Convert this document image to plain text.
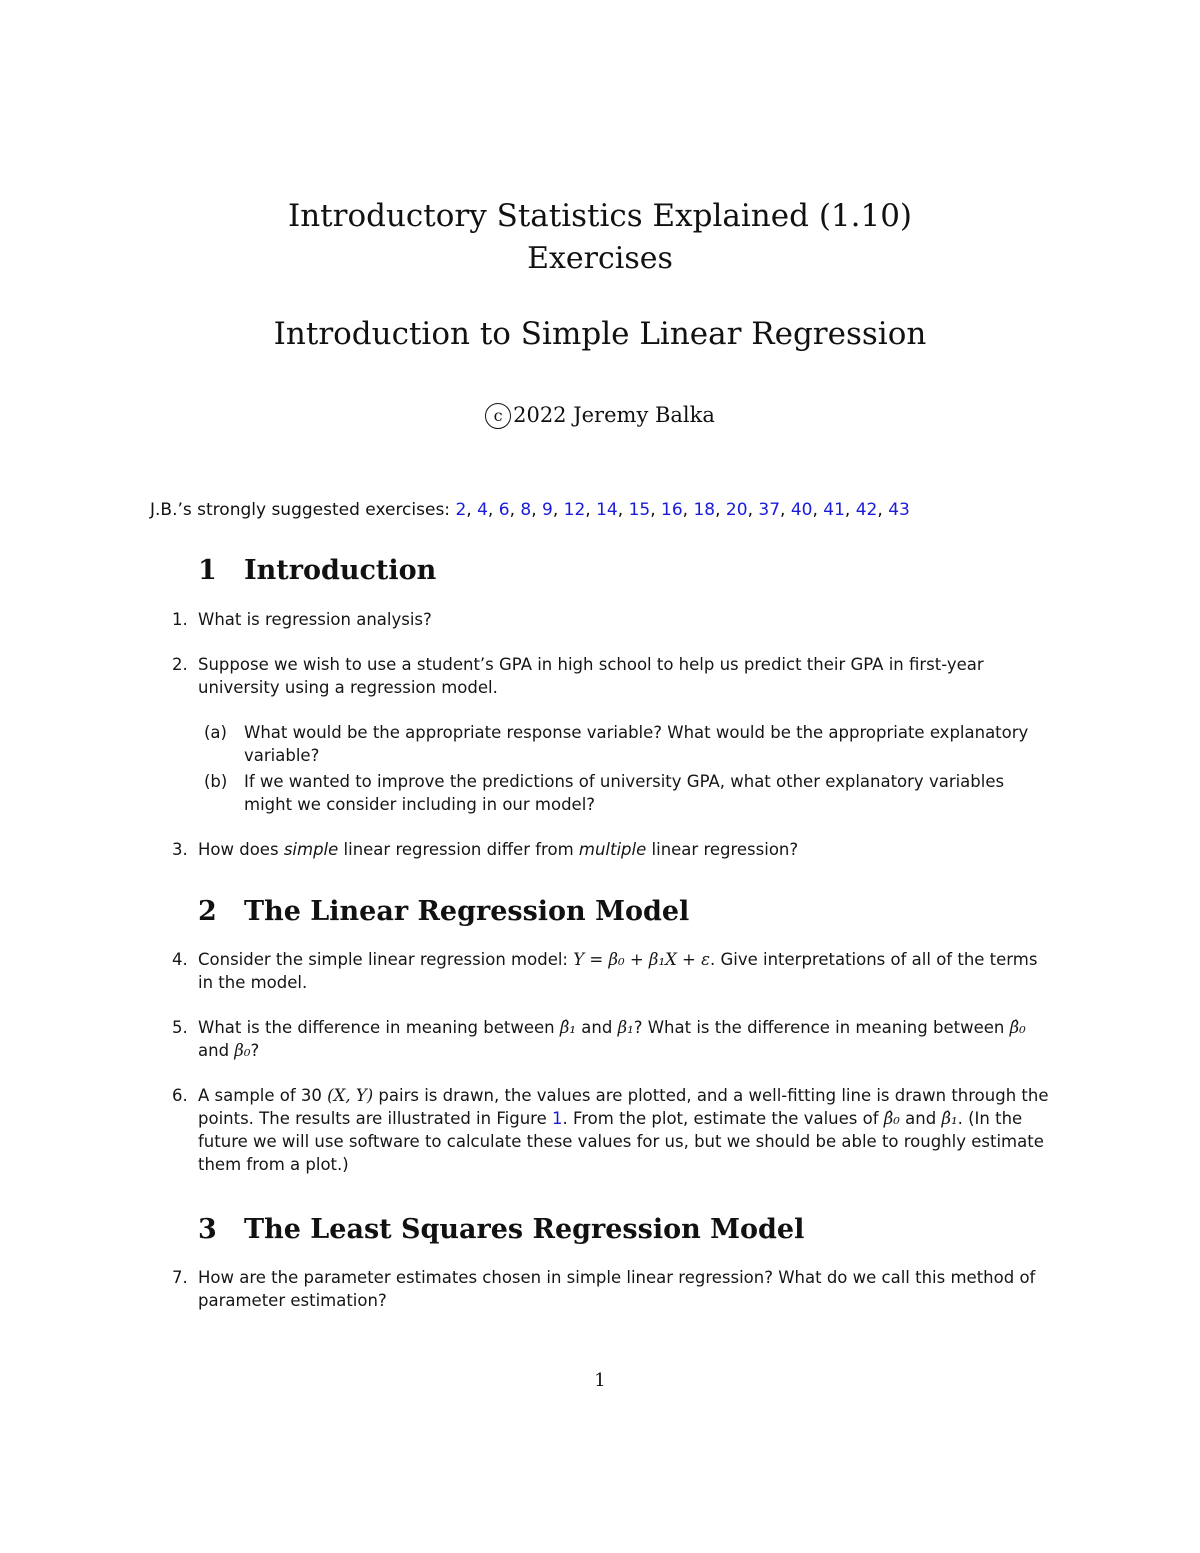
Introductory Statistics Explained (1.10)
Exercises
Introduction to Simple Linear Regression
c 2022 Jeremy Balka
J.B.’s strongly suggested exercises: 2, 4, 6, 8, 9, 12, 14, 15, 16, 18, 20, 37, 40, 41, 42, 43
1 Introduction
1. What is regression analysis?
2. Suppose we wish to use a student’s GPA in high school to help us predict their GPA in first-year university using a regression model.
(a) What would be the appropriate response variable? What would be the appropriate explanatory variable?
(b) If we wanted to improve the predictions of university GPA, what other explanatory variables might we consider including in our model?
3. How does simple linear regression differ from multiple linear regression?
2 The Linear Regression Model
4. Consider the simple linear regression model: Y = β₀ + β₁X + ε. Give interpretations of all of the terms in the model.
5. What is the difference in meaning between β̂₁ and β₁? What is the difference in meaning between β̂₀ and β₀?
6. A sample of 30 (X, Y) pairs is drawn, the values are plotted, and a well-fitting line is drawn through the points. The results are illustrated in Figure 1. From the plot, estimate the values of β̂₀ and β̂₁. (In the future we will use software to calculate these values for us, but we should be able to roughly estimate them from a plot.)
3 The Least Squares Regression Model
7. How are the parameter estimates chosen in simple linear regression? What do we call this method of parameter estimation?
1
